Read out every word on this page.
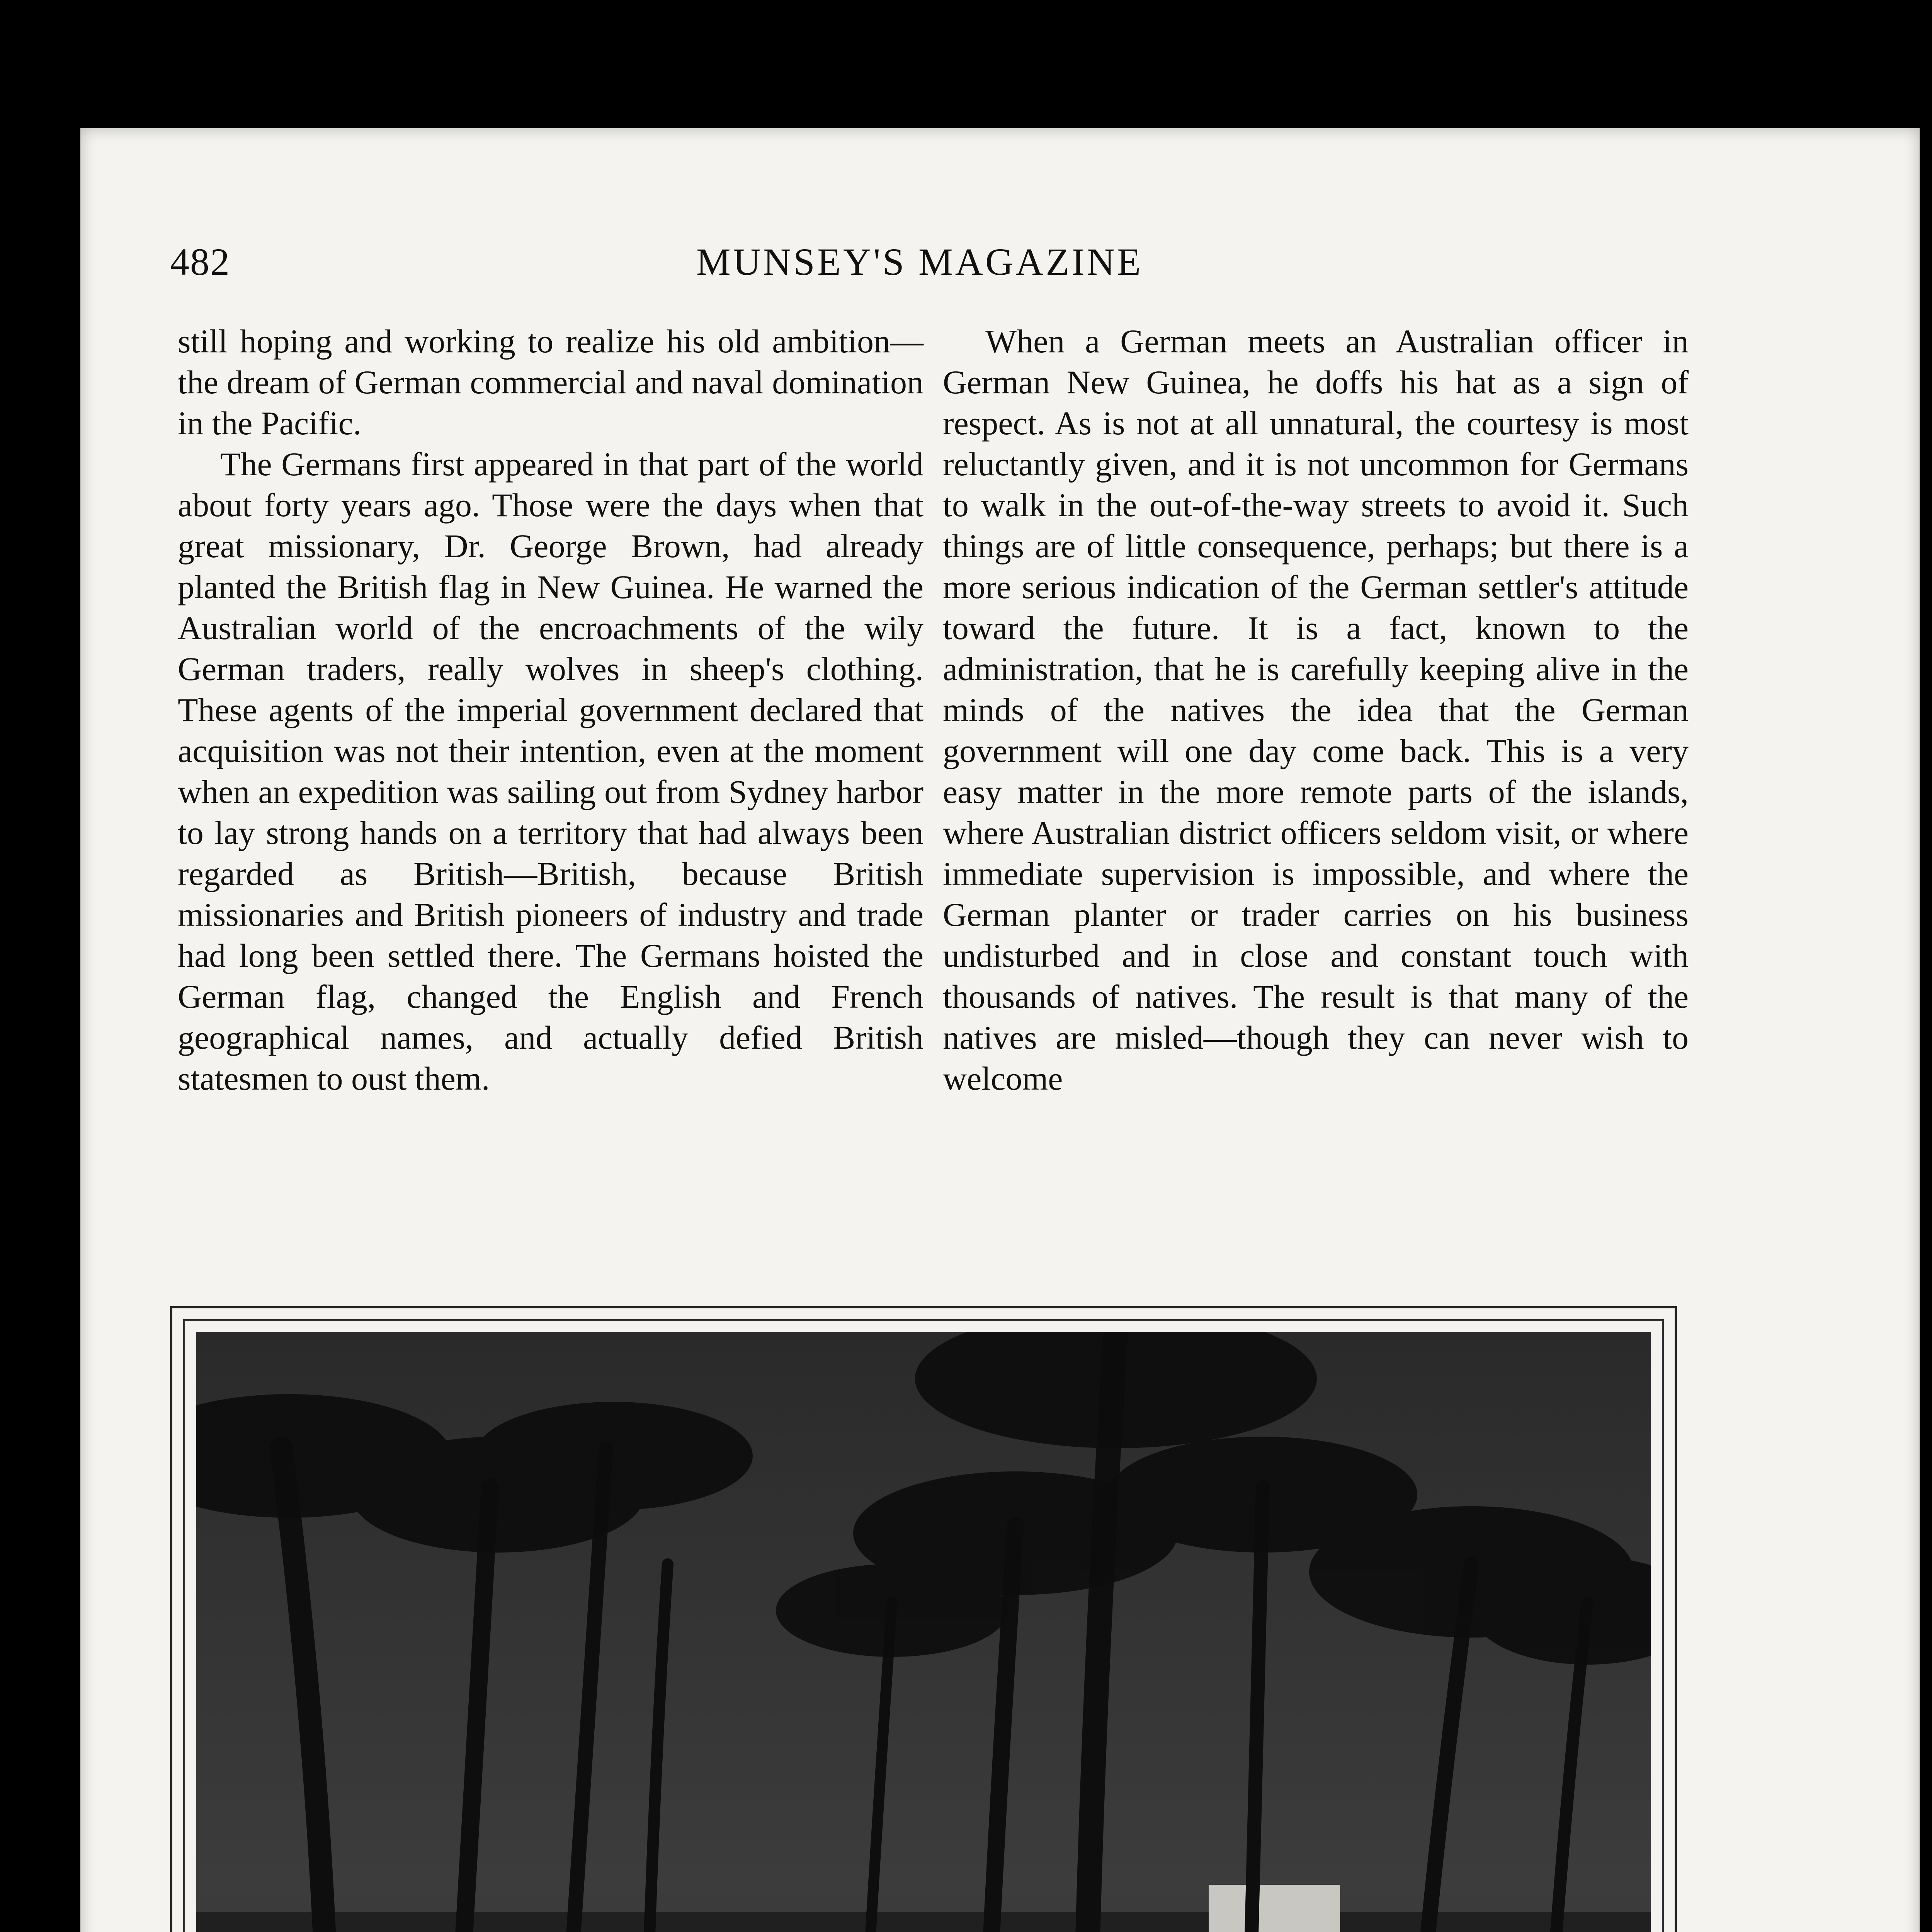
482	MUNSEY'S MAGAZINE

still hoping and working to realize his old ambition—the dream of German commercial and naval domination in the Pacific.

The Germans first appeared in that part of the world about forty years ago. Those were the days when that great missionary, Dr. George Brown, had already planted the British flag in New Guinea. He warned the Australian world of the encroachments of the wily German traders, really wolves in sheep's clothing. These agents of the imperial government declared that acquisition was not their intention, even at the moment when an expedition was sailing out from Sydney harbor to lay strong hands on a territory that had always been regarded as British—British, because British missionaries and British pioneers of industry and trade had long been settled there. The Germans hoisted the German flag, changed the English and French geographical names, and actually defied British statesmen to oust them.

When a German meets an Australian officer in German New Guinea, he doffs his hat as a sign of respect. As is not at all unnatural, the courtesy is most reluctantly given, and it is not uncommon for Germans to walk in the out-of-the-way streets to avoid it. Such things are of little consequence, perhaps; but there is a more serious indication of the German settler's attitude toward the future. It is a fact, known to the administration, that he is carefully keeping alive in the minds of the natives the idea that the German government will one day come back. This is a very easy matter in the more remote parts of the islands, where Australian district officers seldom visit, or where immediate supervision is impossible, and where the German planter or trader carries on his business undisturbed and in close and constant touch with thousands of natives. The result is that many of the natives are misled—though they can never wish to welcome
